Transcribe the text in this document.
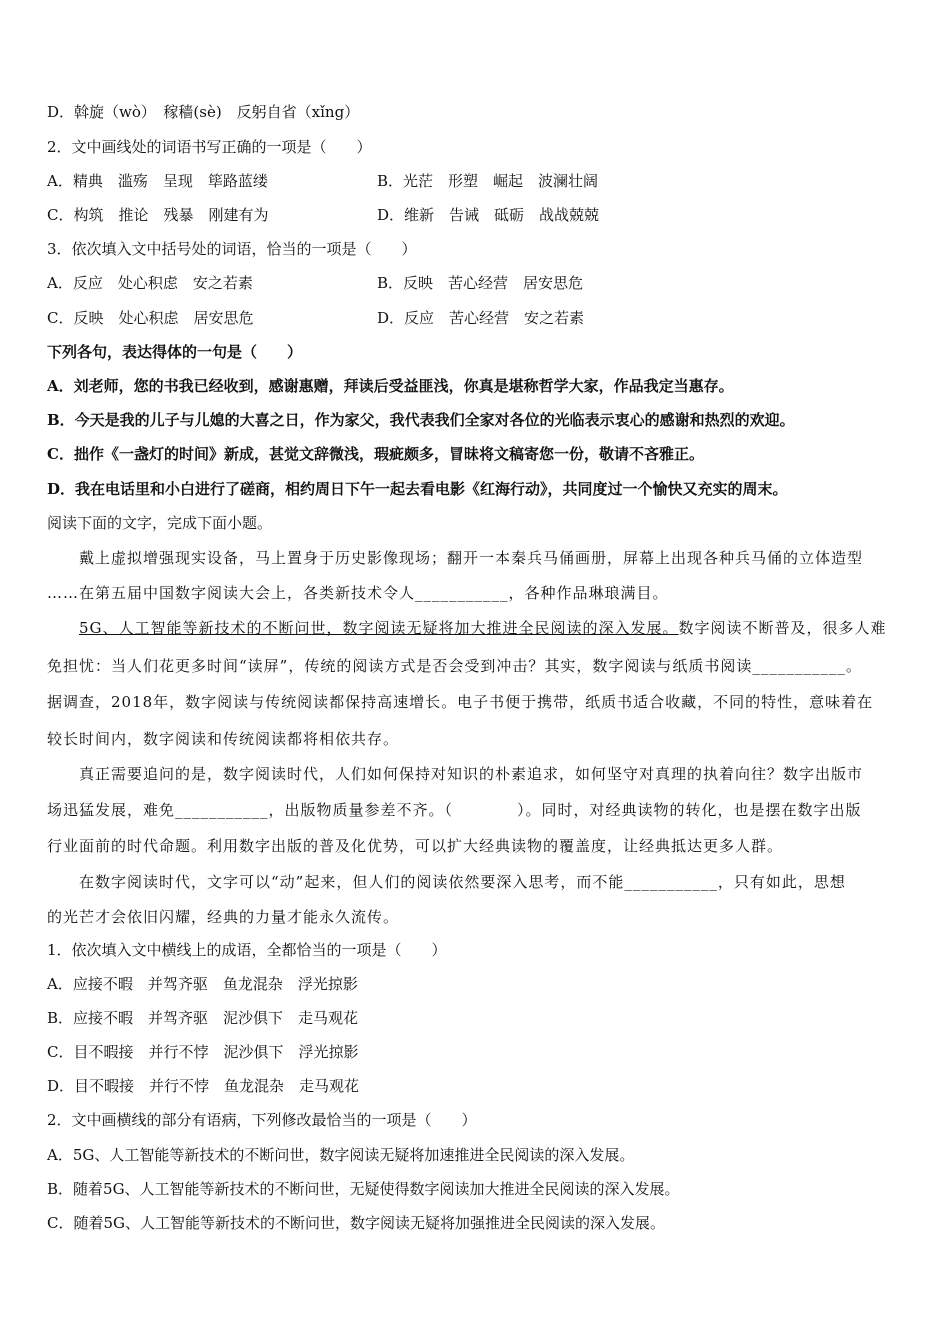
D．斡旋（wò）　稼穑(sè)　反躬自省（xǐng）
2．文中画线处的词语书写正确的一项是（　　）
A．精典　滥殇　呈现　筚路蓝缕	B．光茫　形塑　崛起　波澜壮阔
C．构筑　推论　残暴　刚建有为	D．维新　告诫　砥砺　战战兢兢
3．依次填入文中括号处的词语，恰当的一项是（　　）
A．反应　处心积虑　安之若素	B．反映　苦心经营　居安思危
C．反映　处心积虑　居安思危	D．反应　苦心经营　安之若素
下列各句，表达得体的一句是（　　）
A．刘老师，您的书我已经收到，感谢惠赠，拜读后受益匪浅，你真是堪称哲学大家，作品我定当惠存。
B．今天是我的儿子与儿媳的大喜之日，作为家父，我代表我们全家对各位的光临表示衷心的感谢和热烈的欢迎。
C．拙作《一盏灯的时间》新成，甚觉文辞微浅，瑕疵颇多，冒昧将文稿寄您一份，敬请不吝雅正。
D．我在电话里和小白进行了磋商，相约周日下午一起去看电影《红海行动》，共同度过一个愉快又充实的周末。
阅读下面的文字，完成下面小题。
戴上虚拟增强现实设备，马上置身于历史影像现场；翻开一本秦兵马俑画册，屏幕上出现各种兵马俑的立体造型
……在第五届中国数字阅读大会上，各类新技术令人___________，各种作品琳琅满目。
5G、人工智能等新技术的不断问世，数字阅读无疑将加大推进全民阅读的深入发展。数字阅读不断普及，很多人难
免担忧：当人们花更多时间“读屏”，传统的阅读方式是否会受到冲击？其实，数字阅读与纸质书阅读___________。
据调查，2018年，数字阅读与传统阅读都保持高速增长。电子书便于携带，纸质书适合收藏，不同的特性，意味着在
较长时间内，数字阅读和传统阅读都将相依共存。
真正需要追问的是，数字阅读时代，人们如何保持对知识的朴素追求，如何坚守对真理的执着向往？数字出版市
场迅猛发展，难免___________，出版物质量参差不齐。（　　　　）。同时，对经典读物的转化，也是摆在数字出版
行业面前的时代命题。利用数字出版的普及化优势，可以扩大经典读物的覆盖度，让经典抵达更多人群。
在数字阅读时代，文字可以“动”起来，但人们的阅读依然要深入思考，而不能___________，只有如此，思想
的光芒才会依旧闪耀，经典的力量才能永久流传。
1．依次填入文中横线上的成语，全都恰当的一项是（　　）
A．应接不暇　并驾齐驱　鱼龙混杂　浮光掠影
B．应接不暇　并驾齐驱　泥沙俱下　走马观花
C．目不暇接　并行不悖　泥沙俱下　浮光掠影
D．目不暇接　并行不悖　鱼龙混杂　走马观花
2．文中画横线的部分有语病，下列修改最恰当的一项是（　　）
A．5G、人工智能等新技术的不断问世，数字阅读无疑将加速推进全民阅读的深入发展。
B．随着5G、人工智能等新技术的不断问世，无疑使得数字阅读加大推进全民阅读的深入发展。
C．随着5G、人工智能等新技术的不断问世，数字阅读无疑将加强推进全民阅读的深入发展。
